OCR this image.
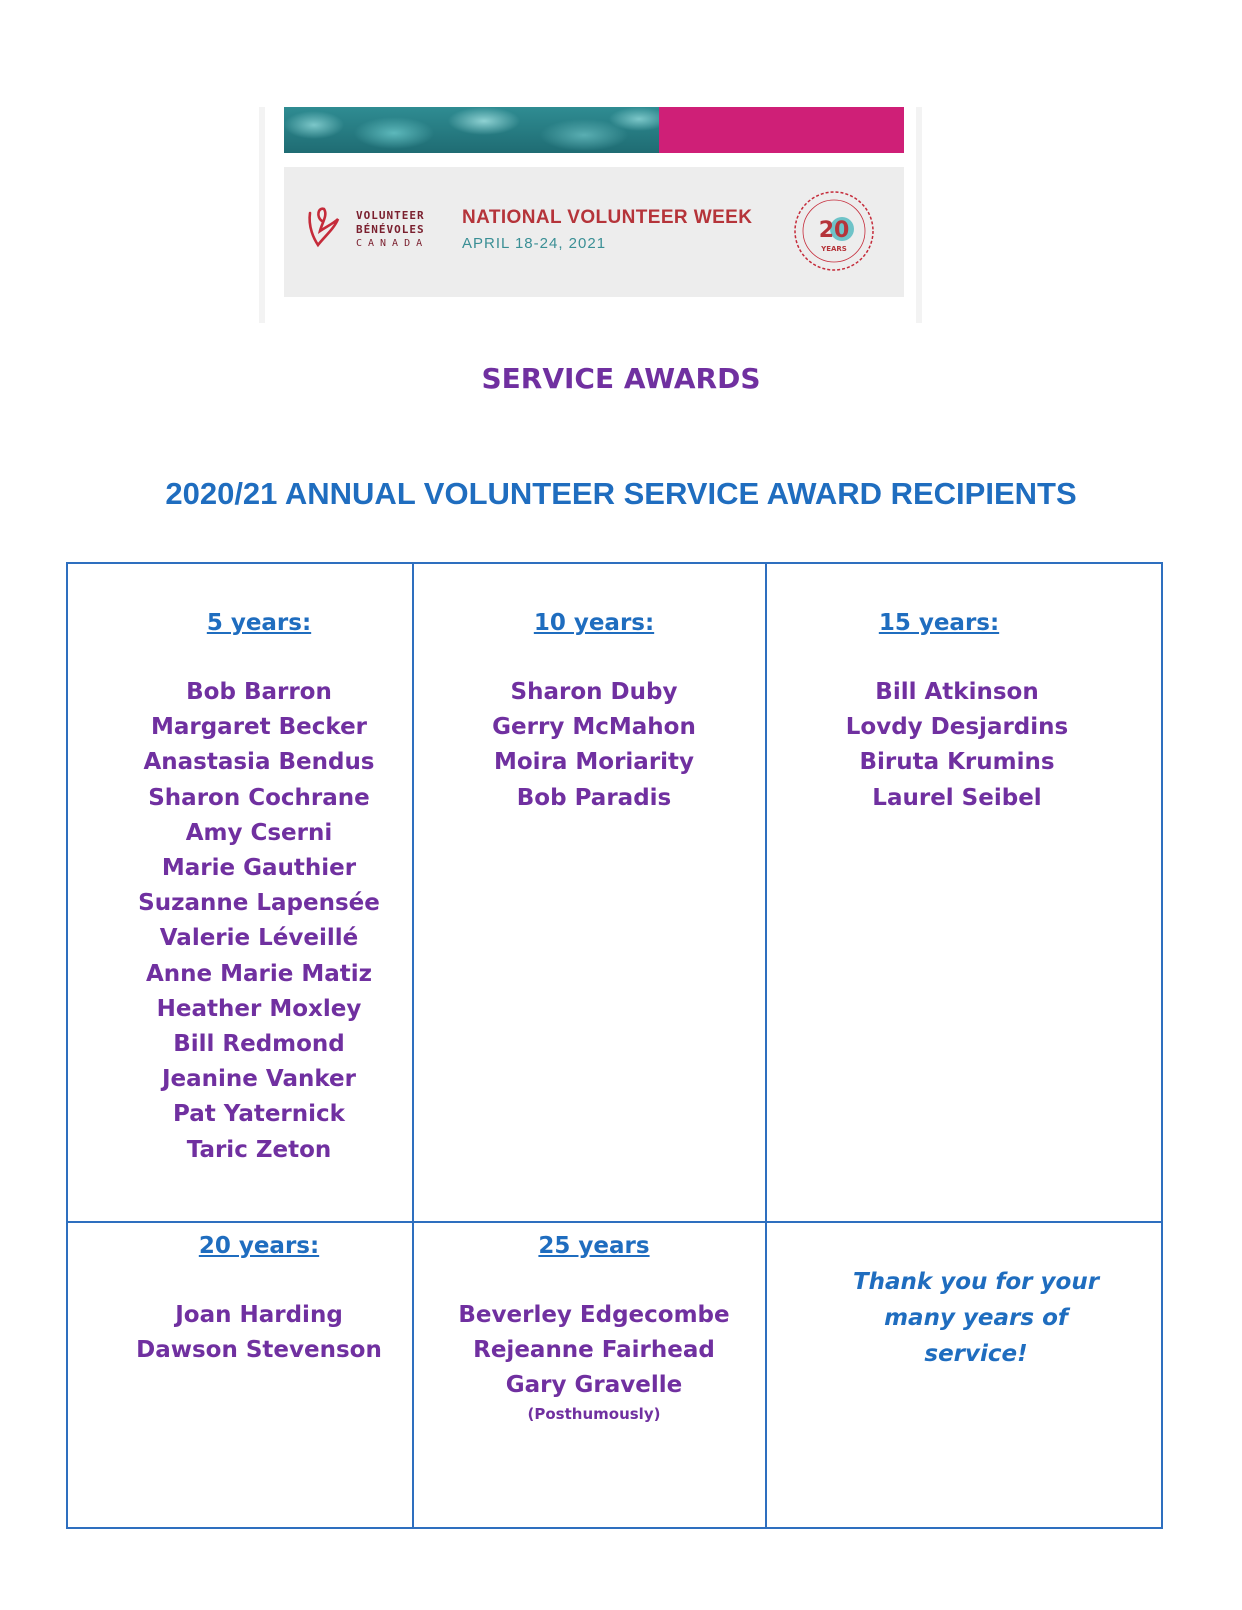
VOLUNTEER
BÉNÉVOLES
CANADA
NATIONAL VOLUNTEER WEEK
APRIL 18-24, 2021
20
YEARS
SERVICE AWARDS
2020/21 ANNUAL VOLUNTEER SERVICE AWARD RECIPIENTS
5 years:
Bob Barron
Margaret Becker
Anastasia Bendus
Sharon Cochrane
Amy Cserni
Marie Gauthier
Suzanne Lapensée
Valerie Léveillé
Anne Marie Matiz
Heather Moxley
Bill Redmond
Jeanine Vanker
Pat Yaternick
Taric Zeton
10 years:
Sharon Duby
Gerry McMahon
Moira Moriarity
Bob Paradis
15 years:
Bill Atkinson
Lovdy Desjardins
Biruta Krumins
Laurel Seibel
20 years:
Joan Harding
Dawson Stevenson
25 years
Beverley Edgecombe
Rejeanne Fairhead
Gary Gravelle
(Posthumously)
Thank you for your many years of service!
